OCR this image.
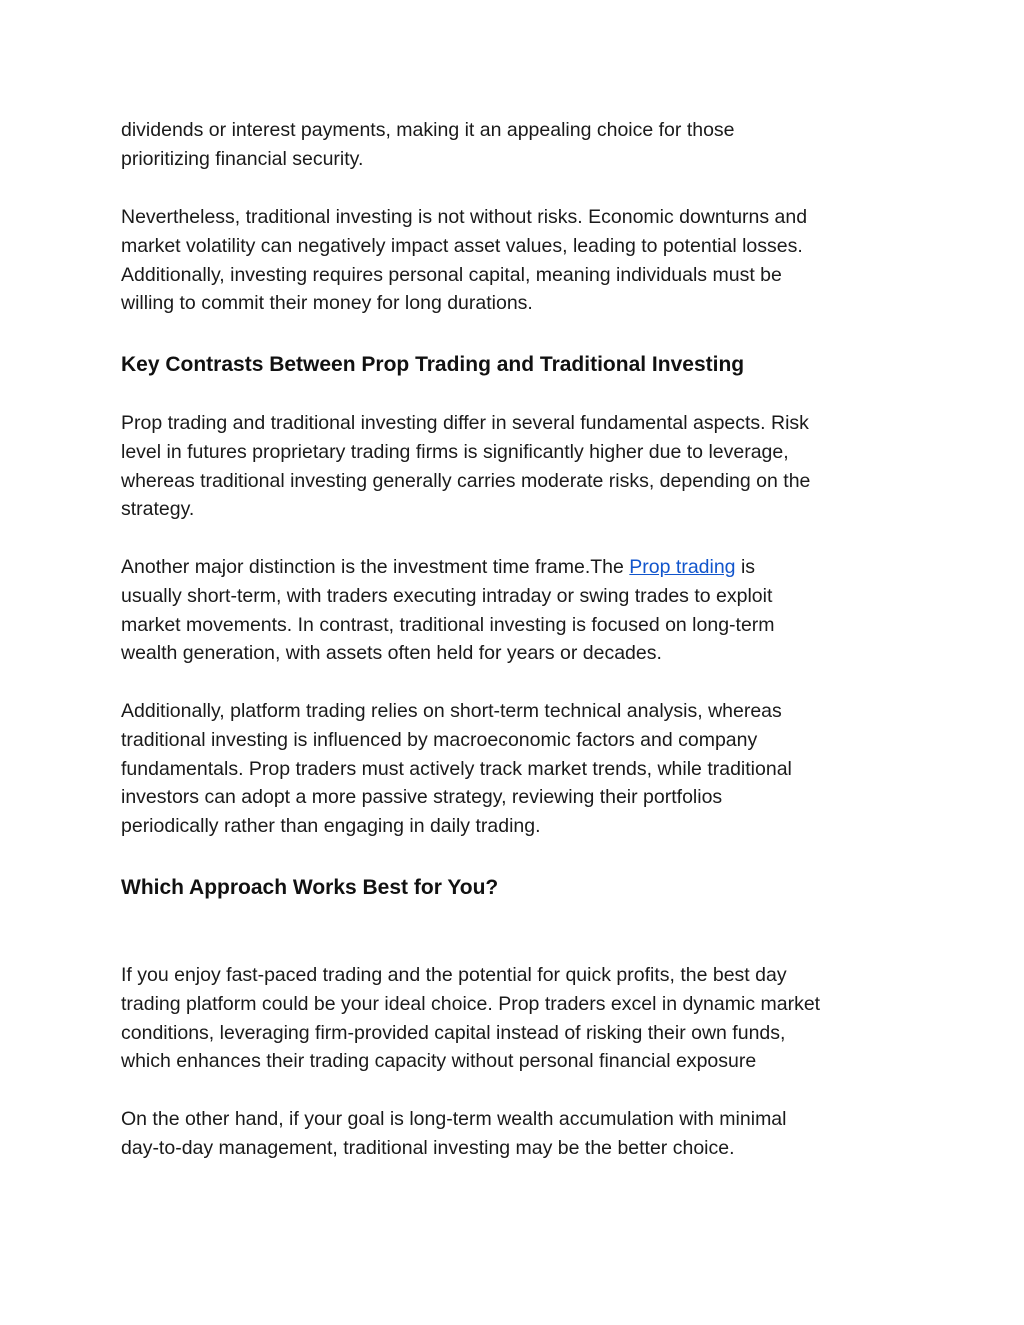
dividends or interest payments, making it an appealing choice for those
prioritizing financial security.

Nevertheless, traditional investing is not without risks. Economic downturns and
market volatility can negatively impact asset values, leading to potential losses.
Additionally, investing requires personal capital, meaning individuals must be
willing to commit their money for long durations.

Key Contrasts Between Prop Trading and Traditional Investing

Prop trading and traditional investing differ in several fundamental aspects. Risk
level in futures proprietary trading firms is significantly higher due to leverage,
whereas traditional investing generally carries moderate risks, depending on the
strategy.

Another major distinction is the investment time frame.The Prop trading is
usually short-term, with traders executing intraday or swing trades to exploit
market movements. In contrast, traditional investing is focused on long-term
wealth generation, with assets often held for years or decades.

Additionally, platform trading relies on short-term technical analysis, whereas
traditional investing is influenced by macroeconomic factors and company
fundamentals. Prop traders must actively track market trends, while traditional
investors can adopt a more passive strategy, reviewing their portfolios
periodically rather than engaging in daily trading.

Which Approach Works Best for You?

If you enjoy fast-paced trading and the potential for quick profits, the best day
trading platform could be your ideal choice. Prop traders excel in dynamic market
conditions, leveraging firm-provided capital instead of risking their own funds,
which enhances their trading capacity without personal financial exposure

On the other hand, if your goal is long-term wealth accumulation with minimal
day-to-day management, traditional investing may be the better choice.
